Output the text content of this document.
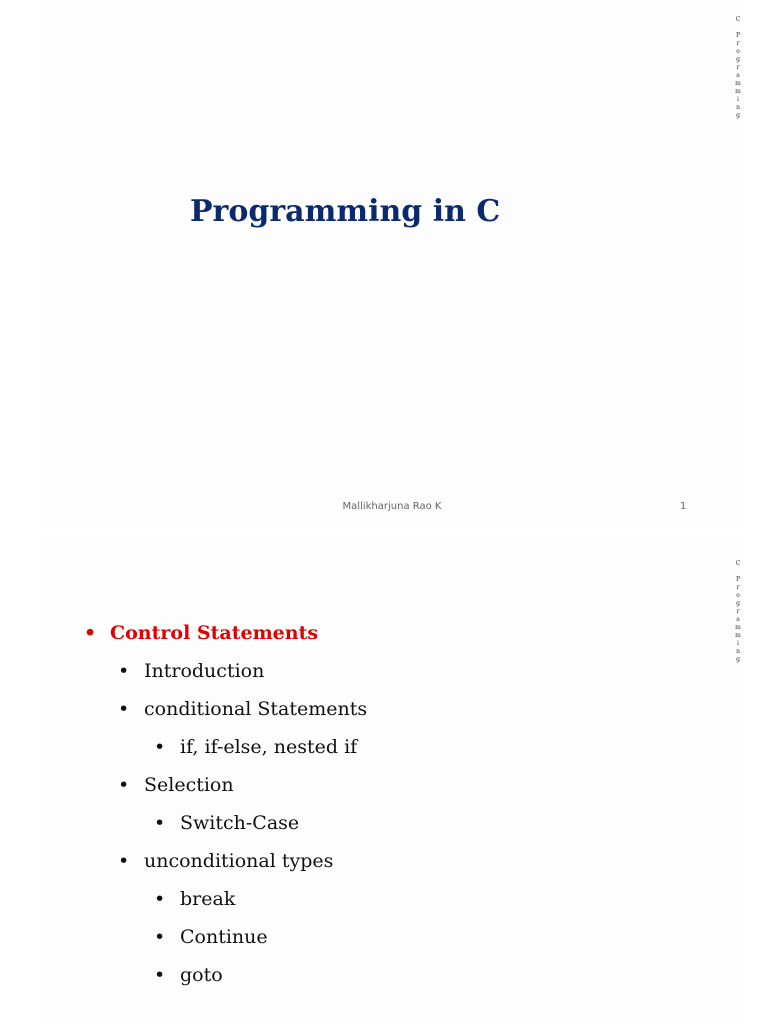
C
P
r
o
g
r
a
m
m
i
n
g
Programming in C
Mallikharjuna Rao K	1
C
P
r
o
g
r
a
m
m
i
n
g
• Control Statements
• Introduction
• conditional Statements
• if, if-else, nested if
• Selection
• Switch-Case
• unconditional types
• break
• Continue
• goto
